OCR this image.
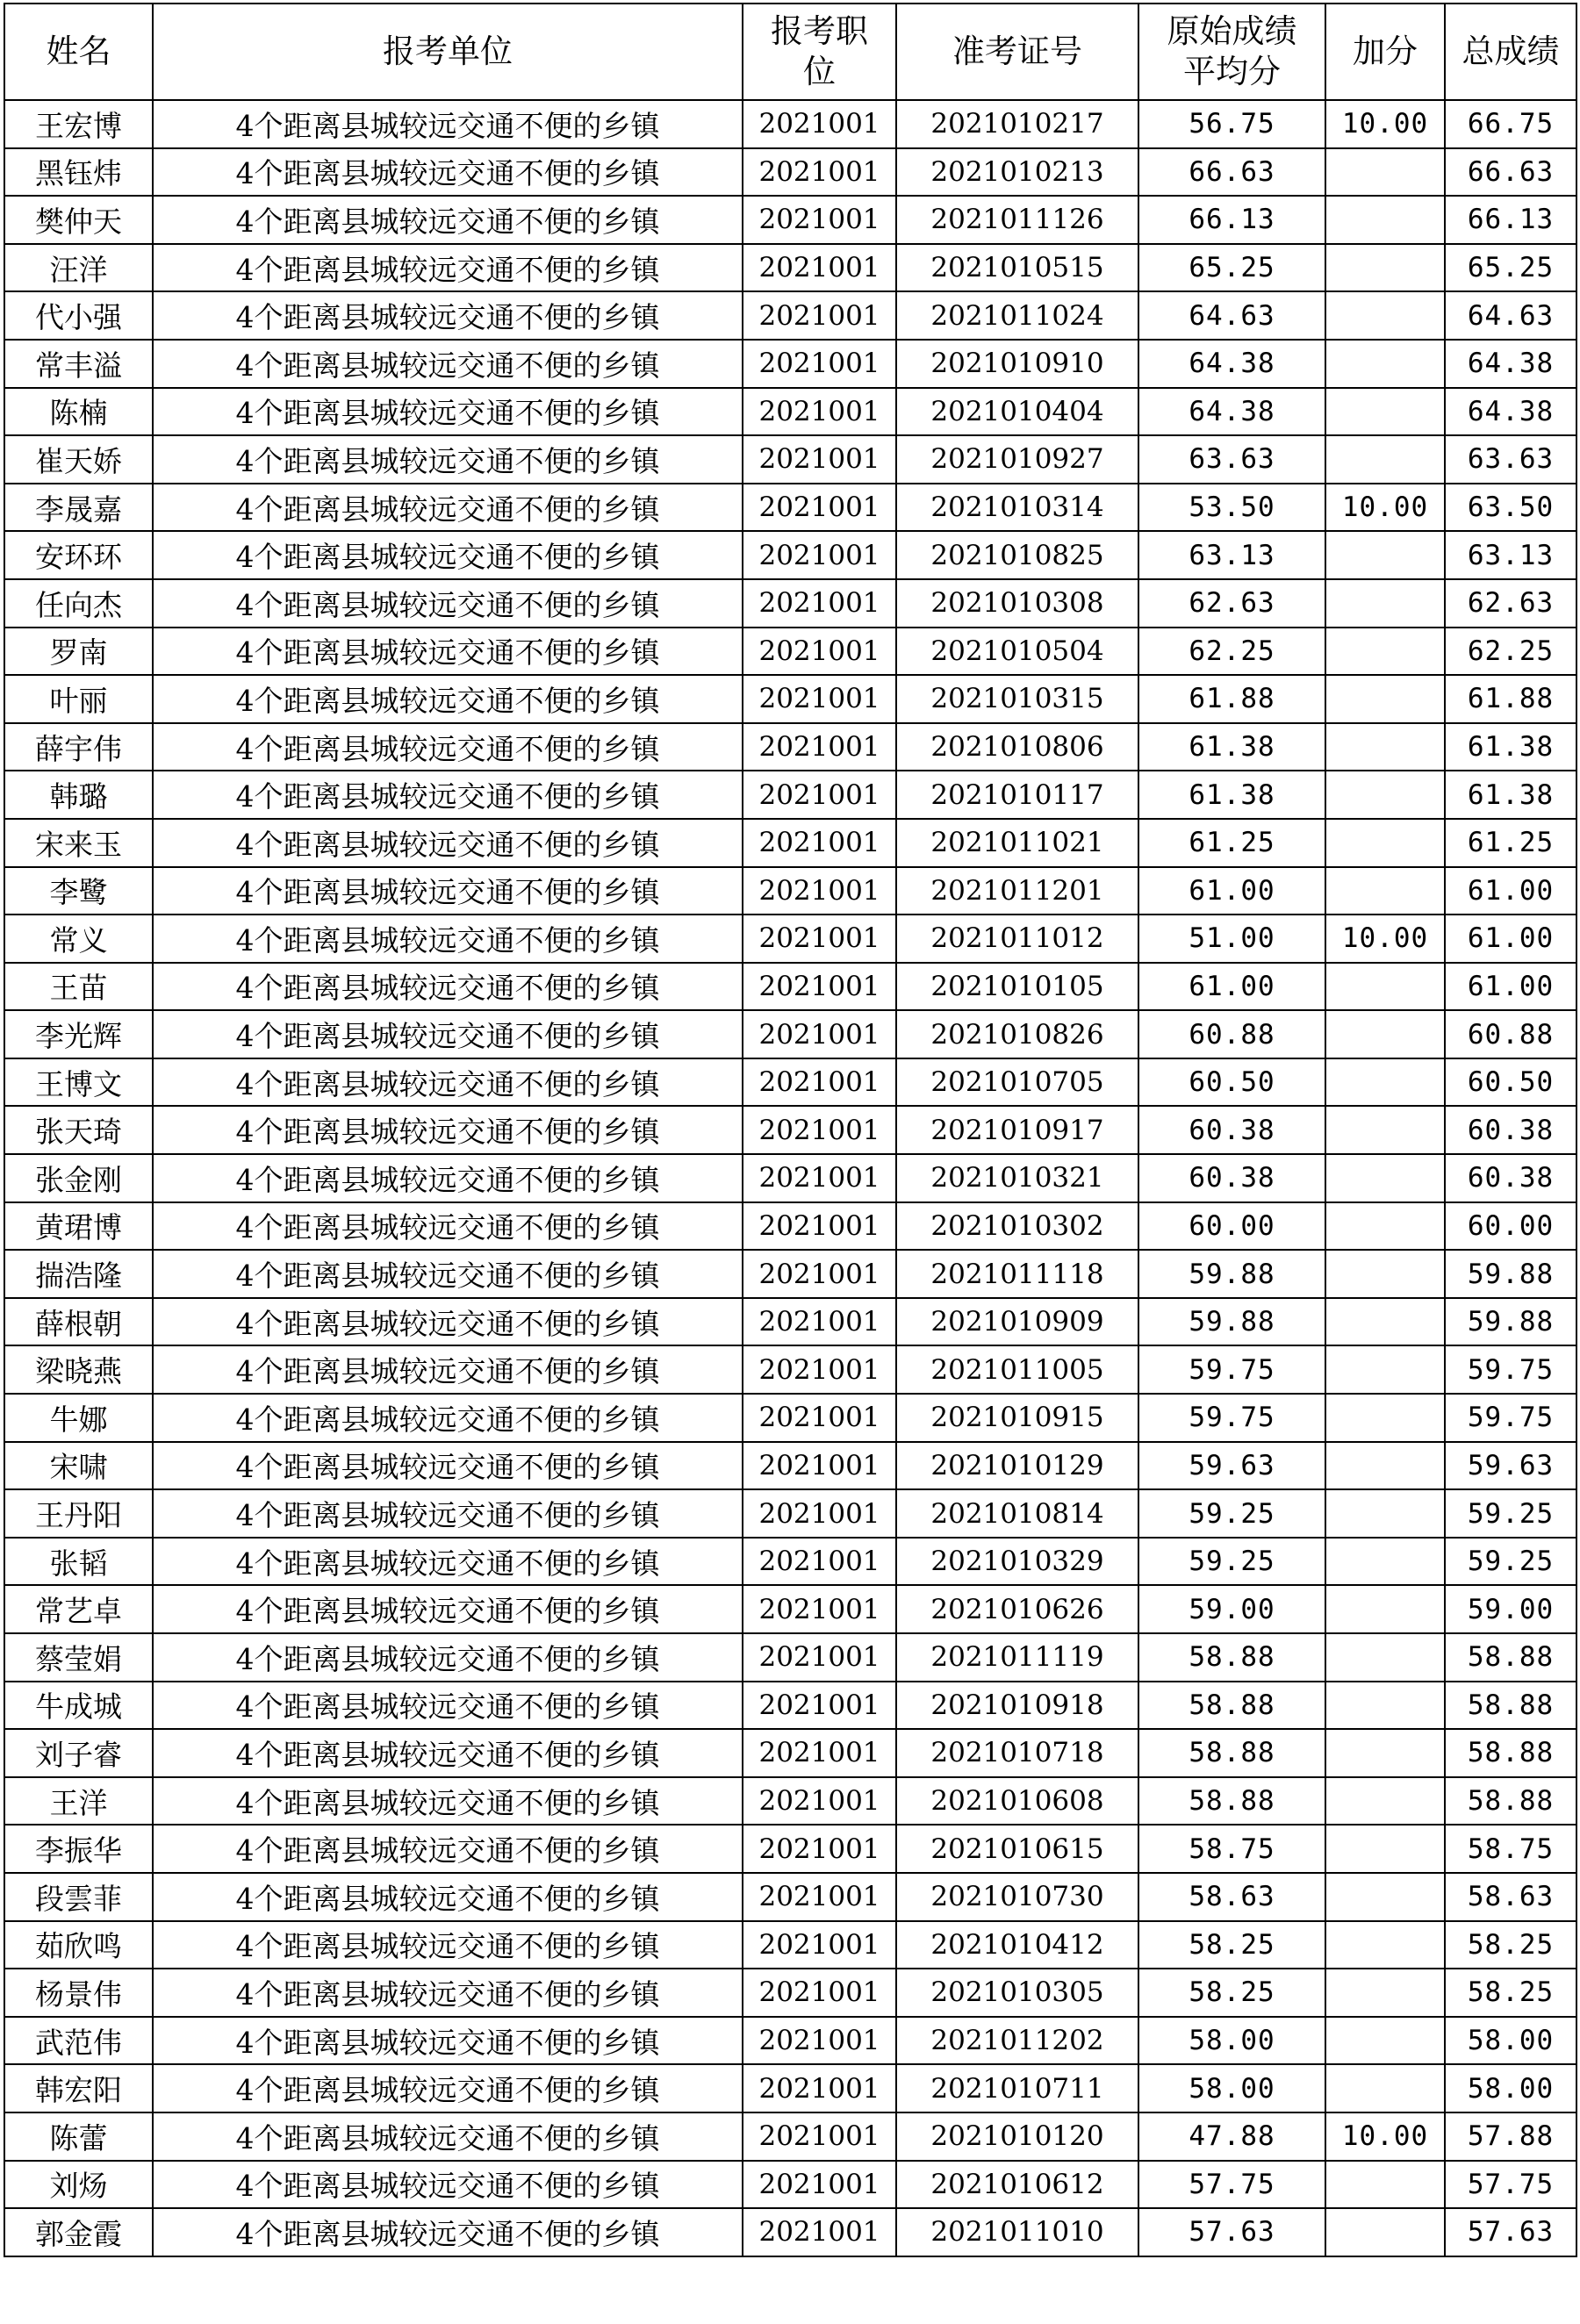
姓名	报考单位	报考职位	准考证号	原始成绩平均分	加分	总成绩
王宏博	4个距离县城较远交通不便的乡镇	2021001	2021010217	56.75	10.00	66.75
黑钰炜	4个距离县城较远交通不便的乡镇	2021001	2021010213	66.63		66.63
樊仲天	4个距离县城较远交通不便的乡镇	2021001	2021011126	66.13		66.13
汪洋	4个距离县城较远交通不便的乡镇	2021001	2021010515	65.25		65.25
代小强	4个距离县城较远交通不便的乡镇	2021001	2021011024	64.63		64.63
常丰溢	4个距离县城较远交通不便的乡镇	2021001	2021010910	64.38		64.38
陈楠	4个距离县城较远交通不便的乡镇	2021001	2021010404	64.38		64.38
崔天娇	4个距离县城较远交通不便的乡镇	2021001	2021010927	63.63		63.63
李晟嘉	4个距离县城较远交通不便的乡镇	2021001	2021010314	53.50	10.00	63.50
安环环	4个距离县城较远交通不便的乡镇	2021001	2021010825	63.13		63.13
任向杰	4个距离县城较远交通不便的乡镇	2021001	2021010308	62.63		62.63
罗南	4个距离县城较远交通不便的乡镇	2021001	2021010504	62.25		62.25
叶丽	4个距离县城较远交通不便的乡镇	2021001	2021010315	61.88		61.88
薛宇伟	4个距离县城较远交通不便的乡镇	2021001	2021010806	61.38		61.38
韩璐	4个距离县城较远交通不便的乡镇	2021001	2021010117	61.38		61.38
宋来玉	4个距离县城较远交通不便的乡镇	2021001	2021011021	61.25		61.25
李鹭	4个距离县城较远交通不便的乡镇	2021001	2021011201	61.00		61.00
常义	4个距离县城较远交通不便的乡镇	2021001	2021011012	51.00	10.00	61.00
王苗	4个距离县城较远交通不便的乡镇	2021001	2021010105	61.00		61.00
李光辉	4个距离县城较远交通不便的乡镇	2021001	2021010826	60.88		60.88
王博文	4个距离县城较远交通不便的乡镇	2021001	2021010705	60.50		60.50
张天琦	4个距离县城较远交通不便的乡镇	2021001	2021010917	60.38		60.38
张金刚	4个距离县城较远交通不便的乡镇	2021001	2021010321	60.38		60.38
黄珺博	4个距离县城较远交通不便的乡镇	2021001	2021010302	60.00		60.00
揣浩隆	4个距离县城较远交通不便的乡镇	2021001	2021011118	59.88		59.88
薛根朝	4个距离县城较远交通不便的乡镇	2021001	2021010909	59.88		59.88
梁晓燕	4个距离县城较远交通不便的乡镇	2021001	2021011005	59.75		59.75
牛娜	4个距离县城较远交通不便的乡镇	2021001	2021010915	59.75		59.75
宋啸	4个距离县城较远交通不便的乡镇	2021001	2021010129	59.63		59.63
王丹阳	4个距离县城较远交通不便的乡镇	2021001	2021010814	59.25		59.25
张韬	4个距离县城较远交通不便的乡镇	2021001	2021010329	59.25		59.25
常艺卓	4个距离县城较远交通不便的乡镇	2021001	2021010626	59.00		59.00
蔡莹娟	4个距离县城较远交通不便的乡镇	2021001	2021011119	58.88		58.88
牛成城	4个距离县城较远交通不便的乡镇	2021001	2021010918	58.88		58.88
刘子睿	4个距离县城较远交通不便的乡镇	2021001	2021010718	58.88		58.88
王洋	4个距离县城较远交通不便的乡镇	2021001	2021010608	58.88		58.88
李振华	4个距离县城较远交通不便的乡镇	2021001	2021010615	58.75		58.75
段雲菲	4个距离县城较远交通不便的乡镇	2021001	2021010730	58.63		58.63
茹欣鸣	4个距离县城较远交通不便的乡镇	2021001	2021010412	58.25		58.25
杨景伟	4个距离县城较远交通不便的乡镇	2021001	2021010305	58.25		58.25
武范伟	4个距离县城较远交通不便的乡镇	2021001	2021011202	58.00		58.00
韩宏阳	4个距离县城较远交通不便的乡镇	2021001	2021010711	58.00		58.00
陈蕾	4个距离县城较远交通不便的乡镇	2021001	2021010120	47.88	10.00	57.88
刘炀	4个距离县城较远交通不便的乡镇	2021001	2021010612	57.75		57.75
郭金霞	4个距离县城较远交通不便的乡镇	2021001	2021011010	57.63		57.63
